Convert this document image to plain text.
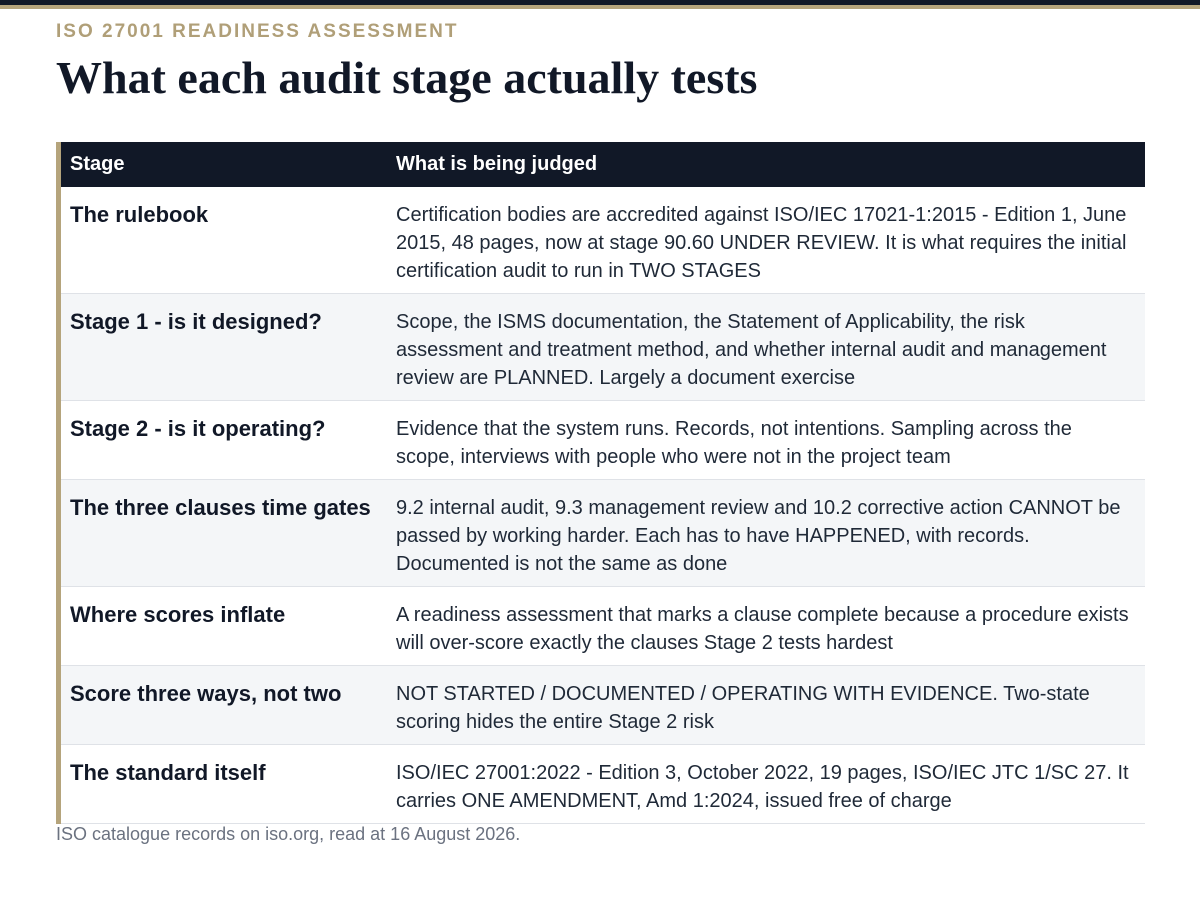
ISO 27001 READINESS ASSESSMENT
What each audit stage actually tests
Stage	What is being judged
The rulebook	Certification bodies are accredited against ISO/IEC 17021-1:2015 - Edition 1, June 2015, 48 pages, now at stage 90.60 UNDER REVIEW. It is what requires the initial certification audit to run in TWO STAGES
Stage 1 - is it designed?	Scope, the ISMS documentation, the Statement of Applicability, the risk assessment and treatment method, and whether internal audit and management review are PLANNED. Largely a document exercise
Stage 2 - is it operating?	Evidence that the system runs. Records, not intentions. Sampling across the scope, interviews with people who were not in the project team
The three clauses time gates	9.2 internal audit, 9.3 management review and 10.2 corrective action CANNOT be passed by working harder. Each has to have HAPPENED, with records. Documented is not the same as done
Where scores inflate	A readiness assessment that marks a clause complete because a procedure exists will over-score exactly the clauses Stage 2 tests hardest
Score three ways, not two	NOT STARTED / DOCUMENTED / OPERATING WITH EVIDENCE. Two-state scoring hides the entire Stage 2 risk
The standard itself	ISO/IEC 27001:2022 - Edition 3, October 2022, 19 pages, ISO/IEC JTC 1/SC 27. It carries ONE AMENDMENT, Amd 1:2024, issued free of charge
ISO catalogue records on iso.org, read at 16 August 2026.
